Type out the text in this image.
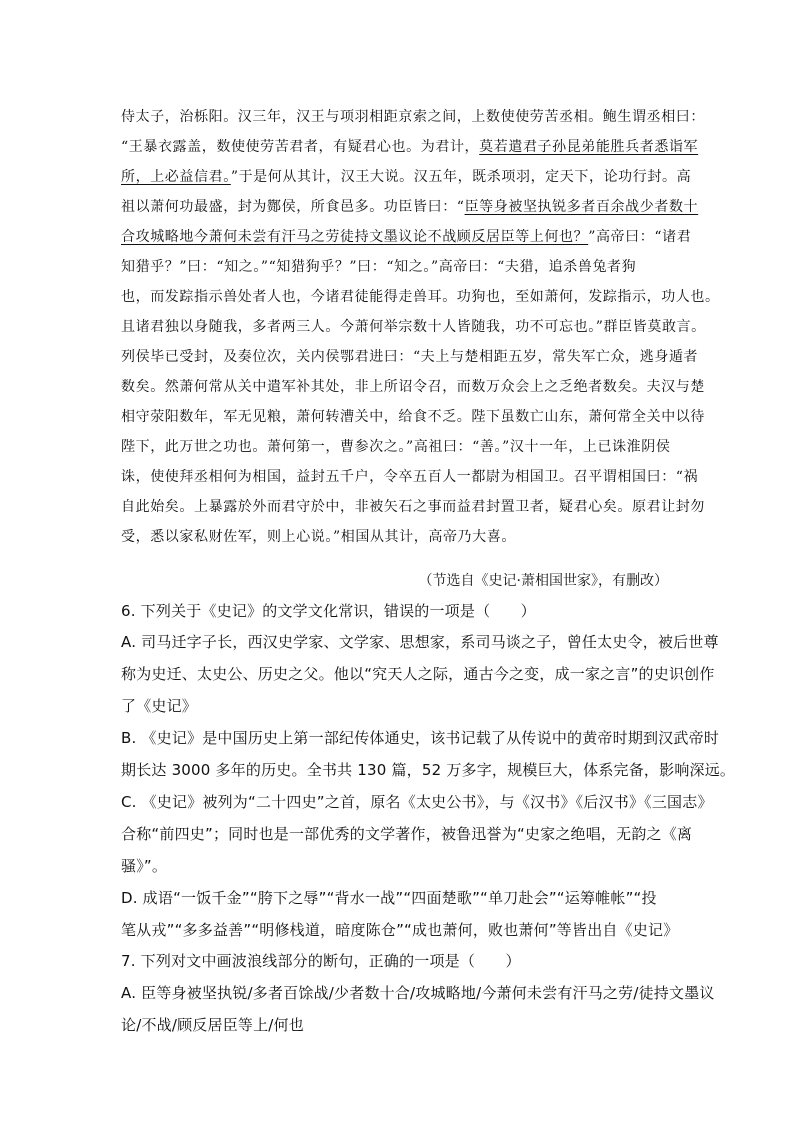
侍太子，治栎阳。汉三年，汉王与项羽相距京索之间，上数使使劳苦丞相。鲍生谓丞相曰：
“王暴衣露盖，数使使劳苦君者，有疑君心也。为君计，莫若遣君子孙昆弟能胜兵者悉诣军
所，上必益信君。”于是何从其计，汉王大说。汉五年，既杀项羽，定天下，论功行封。高
祖以萧何功最盛，封为酂侯，所食邑多。功臣皆曰：“臣等身被坚执锐多者百余战少者数十
合攻城略地今萧何未尝有汗马之劳徒持文墨议论不战顾反居臣等上何也？”高帝曰：“诸君
知猎乎？”曰：“知之。”“知猎狗乎？”曰：“知之。”高帝曰：“夫猎，追杀兽兔者狗
也，而发踪指示兽处者人也，今诸君徒能得走兽耳。功狗也，至如萧何，发踪指示，功人也。
且诸君独以身随我，多者两三人。今萧何举宗数十人皆随我，功不可忘也。”群臣皆莫敢言。
列侯毕已受封，及奏位次，关内侯鄂君进曰：“夫上与楚相距五岁，常失军亡众，逃身遁者
数矣。然萧何常从关中遣军补其处，非上所诏令召，而数万众会上之乏绝者数矣。夫汉与楚
相守荥阳数年，军无见粮，萧何转漕关中，给食不乏。陛下虽数亡山东，萧何常全关中以待
陛下，此万世之功也。萧何第一，曹参次之。”高祖曰：“善。”汉十一年，上已诛淮阴侯
诛，使使拜丞相何为相国，益封五千户，令卒五百人一都尉为相国卫。召平谓相国曰：“祸
自此始矣。上暴露於外而君守於中，非被矢石之事而益君封置卫者，疑君心矣。原君让封勿
受，悉以家私财佐军，则上心说。”相国从其计，高帝乃大喜。
（节选自《史记·萧相国世家》，有删改）
6. 下列关于《史记》的文学文化常识，错误的一项是（　　）
A. 司马迁字子长，西汉史学家、文学家、思想家，系司马谈之子，曾任太史令，被后世尊
称为史迁、太史公、历史之父。他以“究天人之际，通古今之变，成一家之言”的史识创作
了《史记》
B. 《史记》是中国历史上第一部纪传体通史，该书记载了从传说中的黄帝时期到汉武帝时
期长达 3000 多年的历史。全书共 130 篇，52 万多字，规模巨大，体系完备，影响深远。
C. 《史记》被列为“二十四史”之首，原名《太史公书》，与《汉书》《后汉书》《三国志》
合称“前四史”；同时也是一部优秀的文学著作，被鲁迅誉为“史家之绝唱，无韵之《离
骚》”。
D. 成语“一饭千金”“胯下之辱”“背水一战”“四面楚歌”“单刀赴会”“运筹帷帐”“投
笔从戎”“多多益善”“明修栈道，暗度陈仓”“成也萧何，败也萧何”等皆出自《史记》
7. 下列对文中画波浪线部分的断句，正确的一项是（　　）
A. 臣等身被坚执锐/多者百馀战/少者数十合/攻城略地/今萧何未尝有汗马之劳/徒持文墨议
论/不战/顾反居臣等上/何也
